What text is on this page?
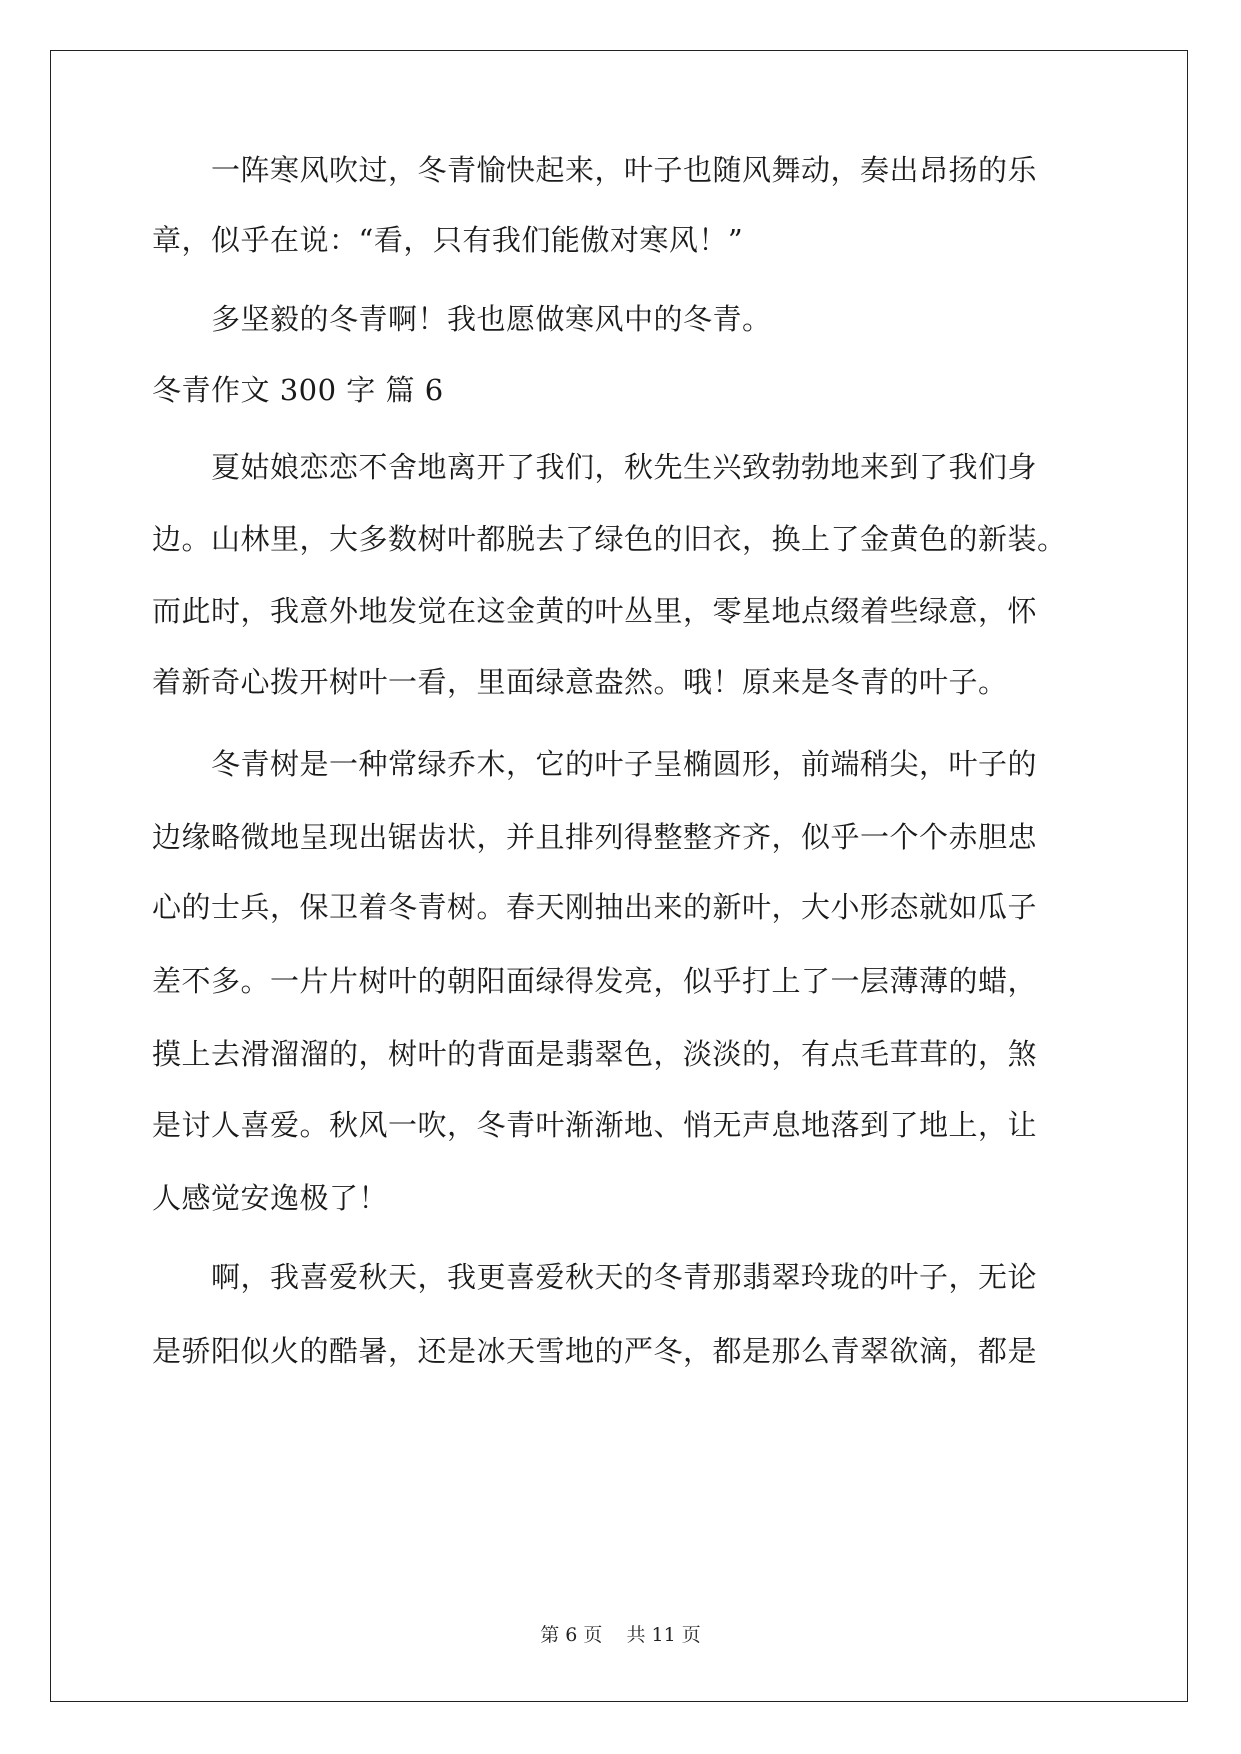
　　一阵寒风吹过，冬青愉快起来，叶子也随风舞动，奏出昂扬的乐
章，似乎在说：“看，只有我们能傲对寒风！”
　　多坚毅的冬青啊！我也愿做寒风中的冬青。
冬青作文 300 字 篇 6
　　夏姑娘恋恋不舍地离开了我们，秋先生兴致勃勃地来到了我们身
边。山林里，大多数树叶都脱去了绿色的旧衣，换上了金黄色的新装。
而此时，我意外地发觉在这金黄的叶丛里，零星地点缀着些绿意，怀
着新奇心拨开树叶一看，里面绿意盎然。哦！原来是冬青的叶子。
　　冬青树是一种常绿乔木，它的叶子呈椭圆形，前端稍尖，叶子的
边缘略微地呈现出锯齿状，并且排列得整整齐齐，似乎一个个赤胆忠
心的士兵，保卫着冬青树。春天刚抽出来的新叶，大小形态就如瓜子
差不多。一片片树叶的朝阳面绿得发亮，似乎打上了一层薄薄的蜡，
摸上去滑溜溜的，树叶的背面是翡翠色，淡淡的，有点毛茸茸的，煞
是讨人喜爱。秋风一吹，冬青叶渐渐地、悄无声息地落到了地上，让
人感觉安逸极了！
　　啊，我喜爱秋天，我更喜爱秋天的冬青那翡翠玲珑的叶子，无论
是骄阳似火的酷暑，还是冰天雪地的严冬，都是那么青翠欲滴，都是
第 6 页 共 11 页
